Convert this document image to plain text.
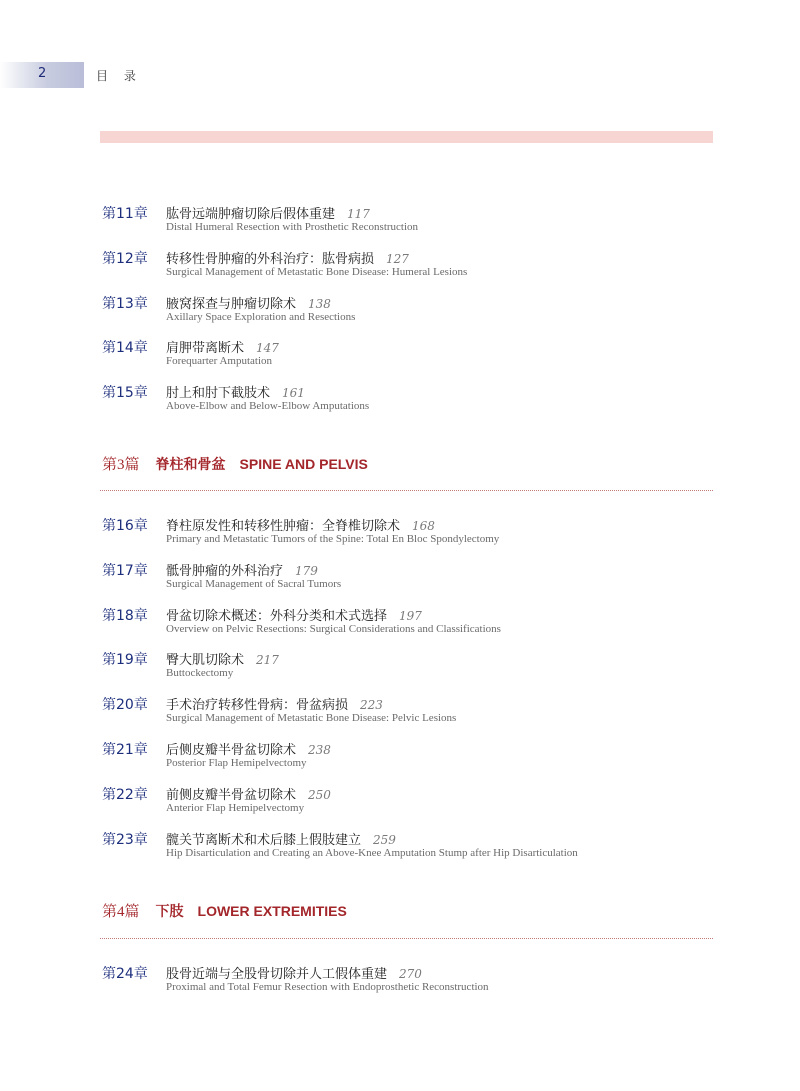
2	目 录
第11章 肱骨远端肿瘤切除后假体重建 117
Distal Humeral Resection with Prosthetic Reconstruction
第12章 转移性骨肿瘤的外科治疗：肱骨病损 127
Surgical Management of Metastatic Bone Disease: Humeral Lesions
第13章 腋窝探查与肿瘤切除术 138
Axillary Space Exploration and Resections
第14章 肩胛带离断术 147
Forequarter Amputation
第15章 肘上和肘下截肢术 161
Above-Elbow and Below-Elbow Amputations
第3篇 脊柱和骨盆 SPINE AND PELVIS
第16章 脊柱原发性和转移性肿瘤：全脊椎切除术 168
Primary and Metastatic Tumors of the Spine: Total En Bloc Spondylectomy
第17章 骶骨肿瘤的外科治疗 179
Surgical Management of Sacral Tumors
第18章 骨盆切除术概述：外科分类和术式选择 197
Overview on Pelvic Resections: Surgical Considerations and Classifications
第19章 臀大肌切除术 217
Buttockectomy
第20章 手术治疗转移性骨病：骨盆病损 223
Surgical Management of Metastatic Bone Disease: Pelvic Lesions
第21章 后侧皮瓣半骨盆切除术 238
Posterior Flap Hemipelvectomy
第22章 前侧皮瓣半骨盆切除术 250
Anterior Flap Hemipelvectomy
第23章 髋关节离断术和术后膝上假肢建立 259
Hip Disarticulation and Creating an Above-Knee Amputation Stump after Hip Disarticulation
第4篇 下肢 LOWER EXTREMITIES
第24章 股骨近端与全股骨切除并人工假体重建 270
Proximal and Total Femur Resection with Endoprosthetic Reconstruction
